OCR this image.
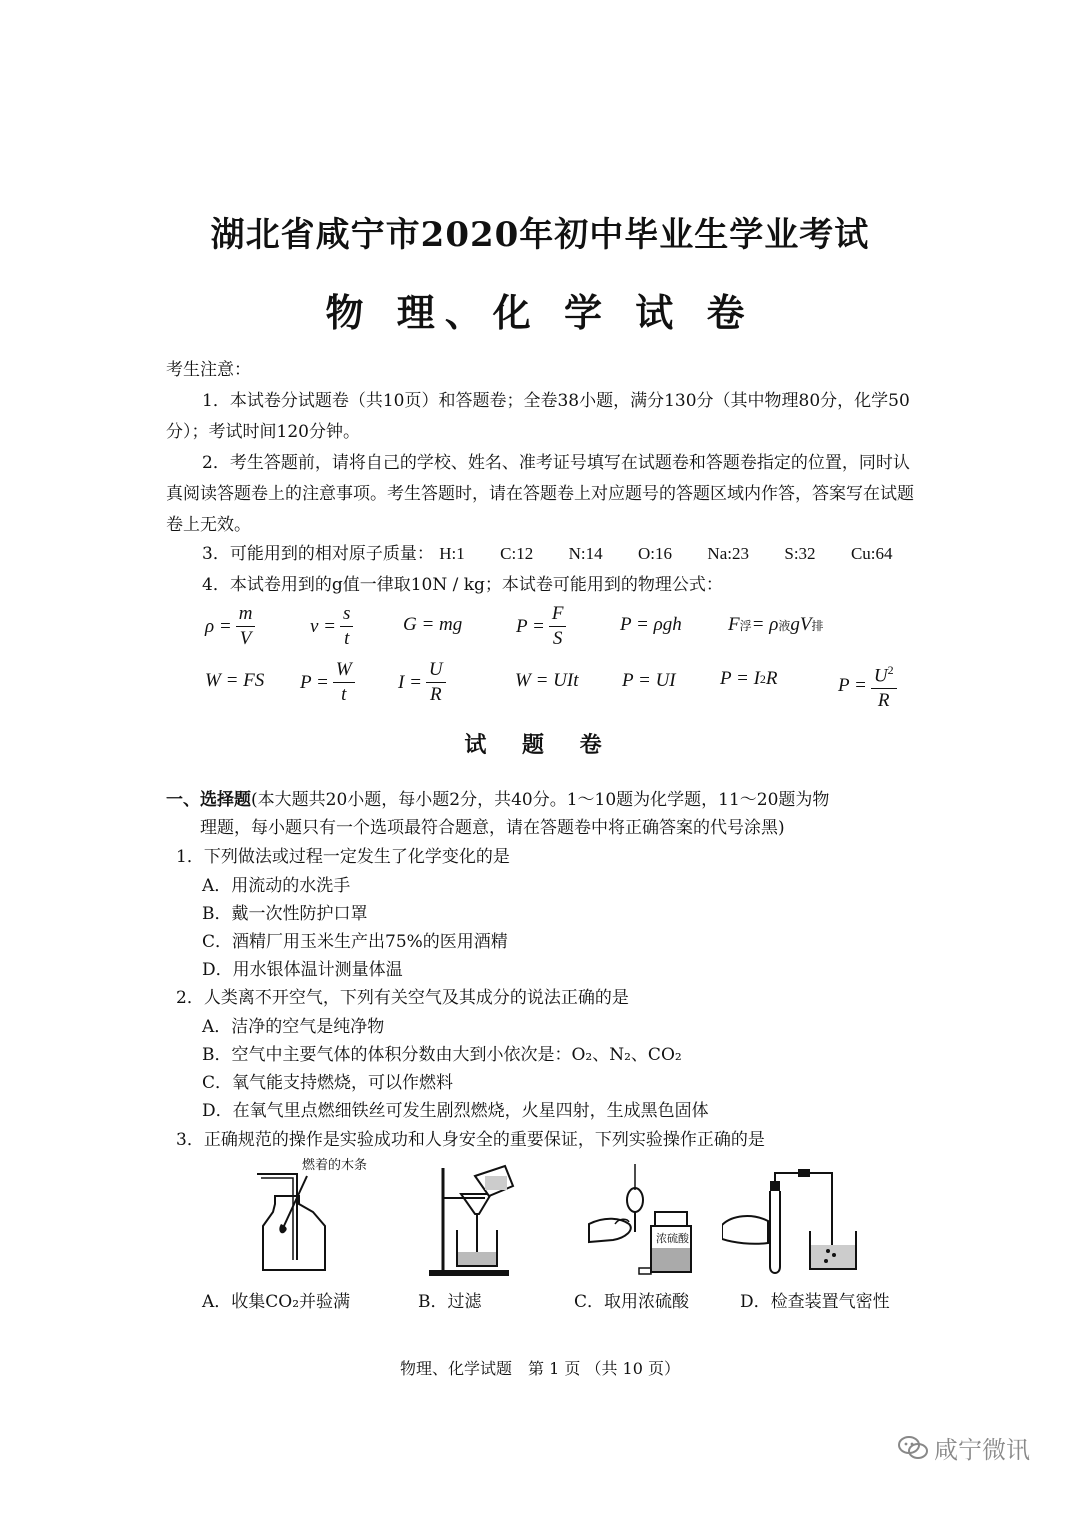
湖北省咸宁市2020年初中毕业生学业考试
物 理、化 学 试 卷
考生注意：

1．本试卷分试题卷（共10页）和答题卷；全卷38小题，满分130分（其中物理80分，化学50分）；考试时间120分钟。

2．考生答题前，请将自己的学校、姓名、准考证号填写在试题卷和答题卷指定的位置，同时认真阅读答题卷上的注意事项。考生答题时，请在答题卷上对应题号的答题区域内作答，答案写在试题卷上无效。

3．可能用到的相对原子质量： H:1 C:12 N:14 O:16 Na:23 S:32 Cu:64

4．本试卷用到的g值一律取10N / kg；本试卷可能用到的物理公式：

$\rho = \frac{m}{V}$	$v = \frac{s}{t}$	G = mg	$P = \frac{F}{S}$	P = ρgh F 浮 = ρ 液 gV 排
W = FS $P = \frac{W}{t}$ $I = \frac{U}{R}$	W = UIt P = UI P = I 2 R	$P = \frac{U^2}{R}$
试 题 卷
一、选择题(本大题共20小题，每小题2分，共40分。1～10题为化学题，11～20题为物

理题，每小题只有一个选项最符合题意，请在答题卷中将正确答案的代号涂黑)

1．下列做法或过程一定发生了化学变化的是
A．用流动的水洗手
B．戴一次性防护口罩
C．酒精厂用玉米生产出75%的医用酒精
D．用水银体温计测量体温
2．人类离不开空气，下列有关空气及其成分的说法正确的是
A．洁净的空气是纯净物
B．空气中主要气体的体积分数由大到小依次是：O₂、N₂、CO₂
C．氧气能支持燃烧，可以作燃料
D．在氧气里点燃细铁丝可发生剧烈燃烧，火星四射，生成黑色固体
3．正确规范的操作是实验成功和人身安全的重要保证，下列实验操作正确的是
燃着的木条
浓硫酸
A．收集CO₂并验满	B．过滤	C．取用浓硫酸	D．检查装置气密性
物理、化学试题　第 1 页 （共 10 页）
咸宁微讯
